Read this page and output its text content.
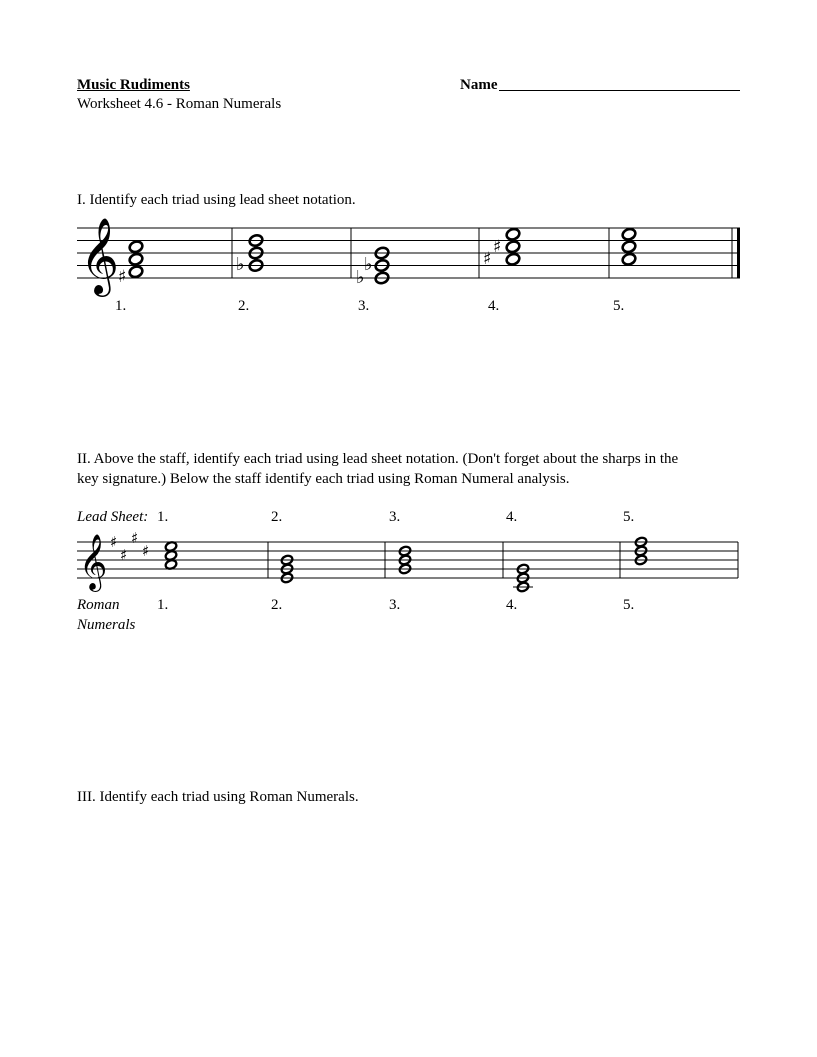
Music Rudiments
Worksheet 4.6 - Roman Numerals
Name
I. Identify each triad using lead sheet notation.
𝄞
♯
♭
♭
♭	♯
♯
1.	2.	3.	4.	5.
II. Above the staff, identify each triad using lead sheet notation. (Don't forget about the sharps in the
key signature.) Below the staff identify each triad using Roman Numeral analysis.
Lead Sheet: 1.	2.	3.	4.	5.
𝄞 ♯
♯
♯
♯
Roman
Numerals
1.	2.	3.	4.	5.
III. Identify each triad using Roman Numerals.
